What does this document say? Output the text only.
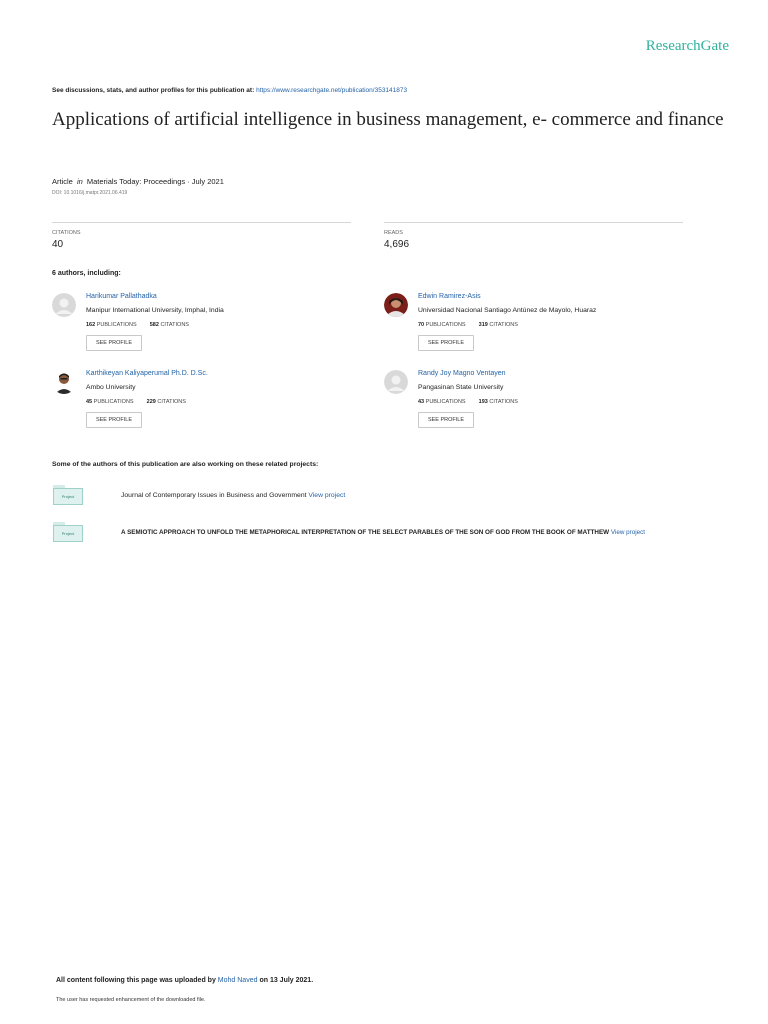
ResearchGate
See discussions, stats, and author profiles for this publication at: https://www.researchgate.net/publication/353141873
Applications of artificial intelligence in business management, e- commerce and finance
Article in Materials Today: Proceedings · July 2021
DOI: 10.1016/j.matpr.2021.06.419
CITATIONS
40
READS
4,696
6 authors, including:
Harikumar Pallathadka
Manipur International University, Imphal, India
162 PUBLICATIONS 582 CITATIONS
SEE PROFILE
Edwin Ramirez-Asis
Universidad Nacional Santiago Antúnez de Mayolo, Huaraz
70 PUBLICATIONS 319 CITATIONS
SEE PROFILE
Karthikeyan Kaliyaperumal Ph.D. D.Sc.
Ambo University
45 PUBLICATIONS 229 CITATIONS
SEE PROFILE
Randy Joy Magno Ventayen
Pangasinan State University
43 PUBLICATIONS 193 CITATIONS
SEE PROFILE
Some of the authors of this publication are also working on these related projects:
Project	Journal of Contemporary Issues in Business and Government View project
Project	A SEMIOTIC APPROACH TO UNFOLD THE METAPHORICAL INTERPRETATION OF THE SELECT PARABLES OF THE SON OF GOD FROM THE BOOK OF MATTHEW View project
All content following this page was uploaded by Mohd Naved on 13 July 2021.
The user has requested enhancement of the downloaded file.
